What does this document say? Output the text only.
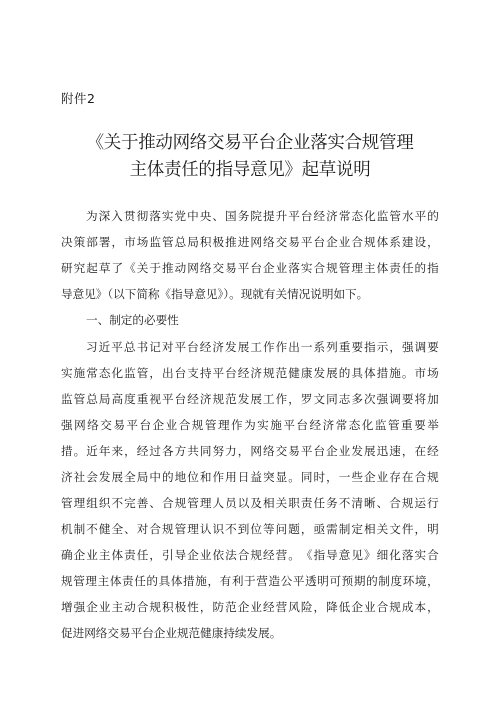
附件2
《关于推动网络交易平台企业落实合规管理
主体责任的指导意见》起草说明
为 深 入 贯 彻 落 实 党 中 央 、 国 务 院 提 升 平 台 经 济 常 态 化 监 管 水 平 的
决 策 部 署 ， 市 场 监 管 总 局 积 极 推 进 网 络 交 易 平 台 企 业 合 规 体 系 建 设 ，
研 究 起 草 了 《 关 于 推 动 网 络 交 易 平 台 企 业 落 实 合 规 管 理 主 体 责 任 的 指
导意见》（以下简称《指导意见》）。现就有关情况说明如下。
一、制定的必要性
习 近 平 总 书 记 对 平 台 经 济 发 展 工 作 作 出 一 系 列 重 要 指 示 ， 强 调 要
实 施 常 态 化 监 管 ， 出 台 支 持 平 台 经 济 规 范 健 康 发 展 的 具 体 措 施 。 市 场
监 管 总 局 高 度 重 视 平 台 经 济 规 范 发 展 工 作 ， 罗 文 同 志 多 次 强 调 要 将 加
强 网 络 交 易 平 台 企 业 合 规 管 理 作 为 实 施 平 台 经 济 常 态 化 监 管 重 要 举
措 。 近 年 来 ， 经 过 各 方 共 同 努 力 ， 网 络 交 易 平 台 企 业 发 展 迅 速 ， 在 经
济 社 会 发 展 全 局 中 的 地 位 和 作 用 日 益 突 显 。 同 时 ， 一 些 企 业 存 在 合 规
管 理 组 织 不 完 善 、 合 规 管 理 人 员 以 及 相 关 职 责 任 务 不 清 晰 、 合 规 运 行
机 制 不 健 全 、 对 合 规 管 理 认 识 不 到 位 等 问 题 ， 亟 需 制 定 相 关 文 件 ， 明
确 企 业 主 体 责 任 ， 引 导 企 业 依 法 合 规 经 营 。 《 指 导 意 见 》 细 化 落 实 合
规 管 理 主 体 责 任 的 具 体 措 施 ， 有 利 于 营 造 公 平 透 明 可 预 期 的 制 度 环 境 ，
增 强 企 业 主 动 合 规 积 极 性 ， 防 范 企 业 经 营 风 险 ， 降 低 企 业 合 规 成 本 ，
促进网络交易平台企业规范健康持续发展。
